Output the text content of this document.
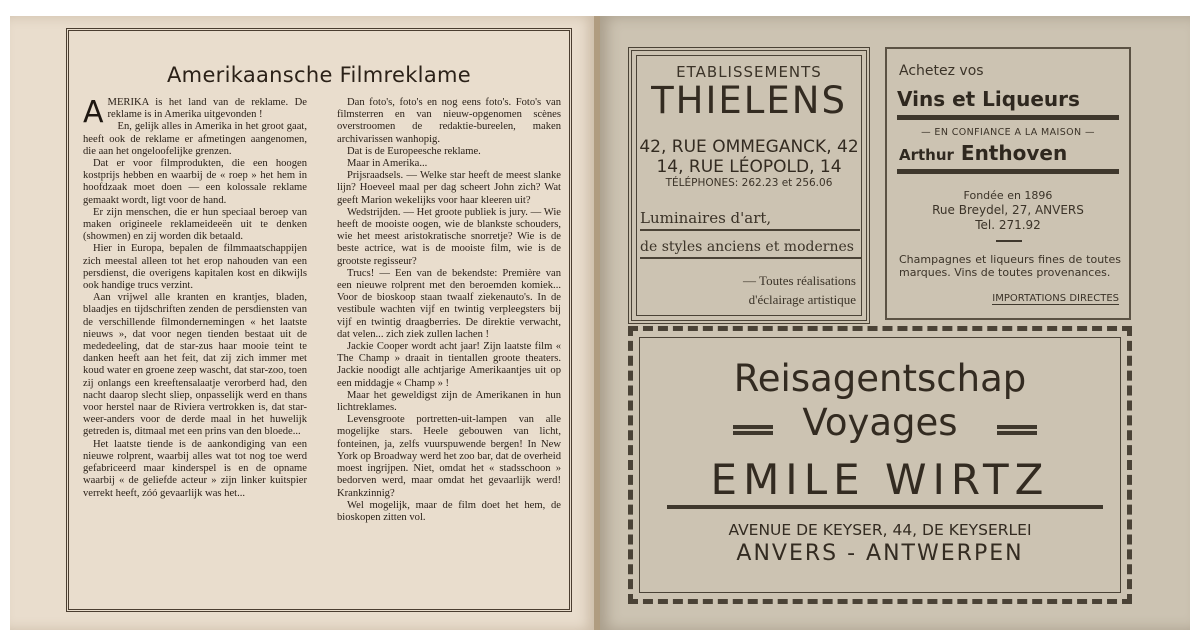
Amerikaansche Filmreklame

AMERIKA is het land van de reklame. De reklame is in Amerika uitgevonden !

En, gelijk alles in Amerika in het groot gaat, heeft ook de reklame er afmetingen aangenomen, die aan het ongeloofelijke grenzen.

Dat er voor filmprodukten, die een hoogen kostprijs hebben en waarbij de « roep » het hem in hoofdzaak moet doen — een kolossale reklame gemaakt wordt, ligt voor de hand.

Er zijn menschen, die er hun speciaal beroep van maken origineele reklameideeën uit te denken (showmen) en zij worden dik betaald.

Hier in Europa, bepalen de filmmaatschappijen zich meestal alleen tot het erop nahouden van een persdienst, die overigens kapitalen kost en dikwijls ook handige trucs verzint.

Aan vrijwel alle kranten en krantjes, bladen, blaadjes en tijdschriften zenden de persdiensten van de verschillende filmondernemingen « het laatste nieuws », dat voor negen tienden bestaat uit de mededeeling, dat de star-zus haar mooie teint te danken heeft aan het feit, dat zij zich immer met koud water en groene zeep wascht, dat star-zoo, toen zij onlangs een kreeftensalaatje verorberd had, den nacht daarop slecht sliep, onpasselijk werd en thans voor herstel naar de Riviera vertrokken is, dat star-weer-anders voor de derde maal in het huwelijk getreden is, ditmaal met een prins van den bloede...

Het laatste tiende is de aankondiging van een nieuwe rolprent, waarbij alles wat tot nog toe werd gefabriceerd maar kinderspel is en de opname waarbij « de geliefde acteur » zijn linker kuitspier verrekt heeft, zóó gevaarlijk was het...

Dan foto's, foto's en nog eens foto's. Foto's van filmsterren en van nieuw-opgenomen scènes overstroomen de redaktie-bureelen, maken archivarissen wanhopig.

Dat is de Europeesche reklame.

Maar in Amerika...

Prijsraadsels. — Welke star heeft de meest slanke lijn? Hoeveel maal per dag scheert John zich? Wat geeft Marion wekelijks voor haar kleeren uit?

Wedstrijden. — Het groote publiek is jury. — Wie heeft de mooiste oogen, wie de blankste schouders, wie het meest aristokratische snorretje? Wie is de beste actrice, wat is de mooiste film, wie is de grootste regisseur?

Trucs! — Een van de bekendste: Première van een nieuwe rolprent met den beroemden komiek... Voor de bioskoop staan twaalf ziekenauto's. In de vestibule wachten vijf en twintig verpleegsters bij vijf en twintig draagberries. De direktie verwacht, dat velen... zich ziek zullen lachen !

Jackie Cooper wordt acht jaar! Zijn laatste film « The Champ » draait in tientallen groote theaters. Jackie noodigt alle achtjarige Amerikaantjes uit op een middagje « Champ » !

Maar het geweldigst zijn de Amerikanen in hun lichtreklames.

Levensgroote portretten-uit-lampen van alle mogelijke stars. Heele gebouwen van licht, fonteinen, ja, zelfs vuurspuwende bergen! In New York op Broadway werd het zoo bar, dat de overheid moest ingrijpen. Niet, omdat het « stadsschoon » bedorven werd, maar omdat het gevaarlijk werd! Krankzinnig?

Wel mogelijk, maar de film doet het hem, de bioskopen zitten vol.

ETABLISSEMENTS
THIELENS
42, RUE OMMEGANCK, 42
14, RUE LÉOPOLD, 14
TÉLÉPHONES: 262.23 et 256.06
Luminaires d'art,
de styles anciens et modernes
— Toutes réalisations
d'éclairage artistique
Achetez vos
Vins et Liqueurs
— EN CONFIANCE A LA MAISON —
Arthur Enthoven
Fondée en 1896
Rue Breydel, 27, ANVERS
Tel. 271.92
Champagnes et liqueurs fines de toutes marques. Vins de toutes provenances.
IMPORTATIONS DIRECTES
Reisagentschap
Voyages
EMILE WIRTZ
AVENUE DE KEYSER, 44, DE KEYSERLEI
ANVERS - ANTWERPEN
